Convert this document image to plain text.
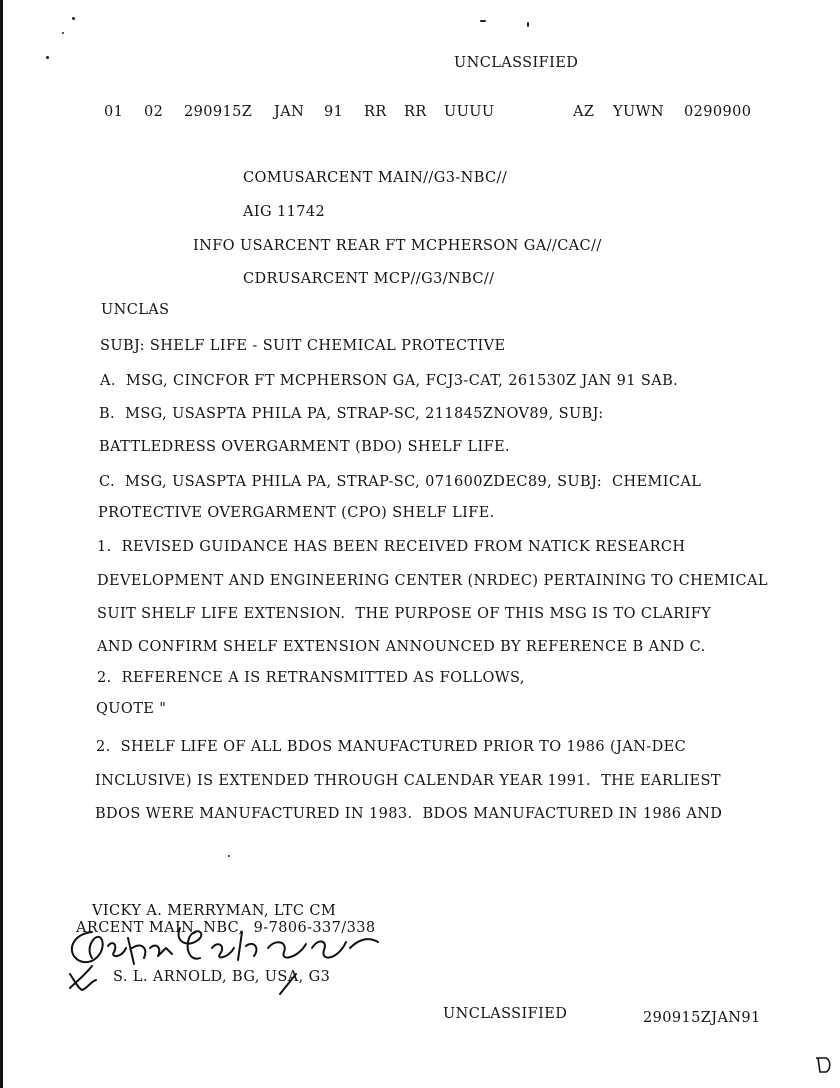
UNCLASSIFIED
01 02 290915Z JAN 91 RR RR UUUU	AZ YUWN 0290900
COMUSARCENT MAIN//G3-NBC//
AIG 11742
INFO USARCENT REAR FT MCPHERSON GA//CAC//
CDRUSARCENT MCP//G3/NBC//
UNCLAS
SUBJ: SHELF LIFE - SUIT CHEMICAL PROTECTIVE
A.  MSG, CINCFOR FT MCPHERSON GA, FCJ3-CAT, 261530Z JAN 91 SAB.
B.  MSG, USASPTA PHILA PA, STRAP-SC, 211845ZNOV89, SUBJ:
BATTLEDRESS OVERGARMENT (BDO) SHELF LIFE.
C.  MSG, USASPTA PHILA PA, STRAP-SC, 071600ZDEC89, SUBJ:  CHEMICAL
PROTECTIVE OVERGARMENT (CPO) SHELF LIFE.
1.  REVISED GUIDANCE HAS BEEN RECEIVED FROM NATICK RESEARCH
DEVELOPMENT AND ENGINEERING CENTER (NRDEC) PERTAINING TO CHEMICAL
SUIT SHELF LIFE EXTENSION.  THE PURPOSE OF THIS MSG IS TO CLARIFY
AND CONFIRM SHELF EXTENSION ANNOUNCED BY REFERENCE B AND C.
2.  REFERENCE A IS RETRANSMITTED AS FOLLOWS,
QUOTE "
2.  SHELF LIFE OF ALL BDOS MANUFACTURED PRIOR TO 1986 (JAN-DEC
INCLUSIVE) IS EXTENDED THROUGH CALENDAR YEAR 1991.  THE EARLIEST
BDOS WERE MANUFACTURED IN 1983.  BDOS MANUFACTURED IN 1986 AND
VICKY A. MERRYMAN, LTC CM
ARCENT MAIN, NBC,  9-7806-337/338
S. L. ARNOLD, BG, USA, G3
UNCLASSIFIED	290915ZJAN91
